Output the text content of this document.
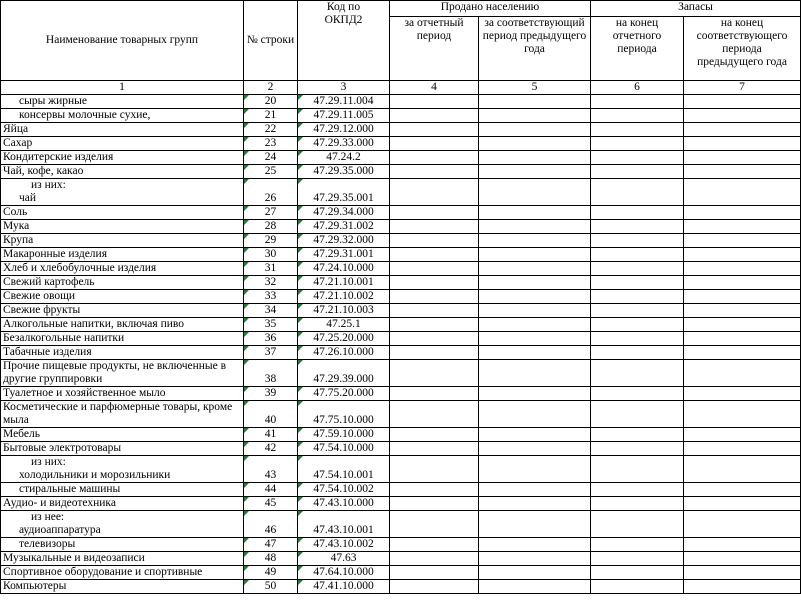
Наименование товарных групп	№ строки	Код по ОКПД2	Продано населению		Запасы	
			за отчетный период	за соответствующий период предыдущего года	на конец отчетного периода	на конец соответствующего периода предыдущего года
1	2	3	4	5	6	7

сыры жирные	20	47.29.11.004				

консервы молочные сухие,	21	47.29.11.005				

Яйца	22	47.29.12.000				

Сахар	23	47.29.33.000				

Кондитерские изделия	24	47.24.2				

Чай, кофе, какао	25	47.29.35.000				

из них:
чай	26	47.29.35.001				

Соль	27	47.29.34.000				

Мука	28	47.29.31.002				

Крупа	29	47.29.32.000				

Макаронные изделия	30	47.29.31.001				

Хлеб и хлебобулочные изделия	31	47.24.10.000				

Свежий картофель	32	47.21.10.001				

Свежие овощи	33	47.21.10.002				

Свежие фрукты	34	47.21.10.003				

Алкогольные напитки, включая пиво	35	47.25.1				

Безалкогольные напитки	36	47.25.20.000				

Табачные изделия	37	47.26.10.000				

Прочие пищевые продукты, не включенные в другие группировки	38	47.29.39.000				

Туалетное и хозяйственное мыло	39	47.75.20.000				

Косметические и парфюмерные товары, кроме мыла	40	47.75.10.000				

Мебель	41	47.59.10.000				

Бытовые электротовары	42	47.54.10.000				

из них:
холодильники и морозильники	43	47.54.10.001				

стиральные машины	44	47.54.10.002				

Аудио- и видеотехника	45	47.43.10.000				

из нее:
аудиоаппаратура	46	47.43.10.001				

телевизоры	47	47.43.10.002				

Музыкальные и видеозаписи	48	47.63				

Спортивное оборудование и спортивные	49	47.64.10.000				

Компьютеры	50	47.41.10.000				
